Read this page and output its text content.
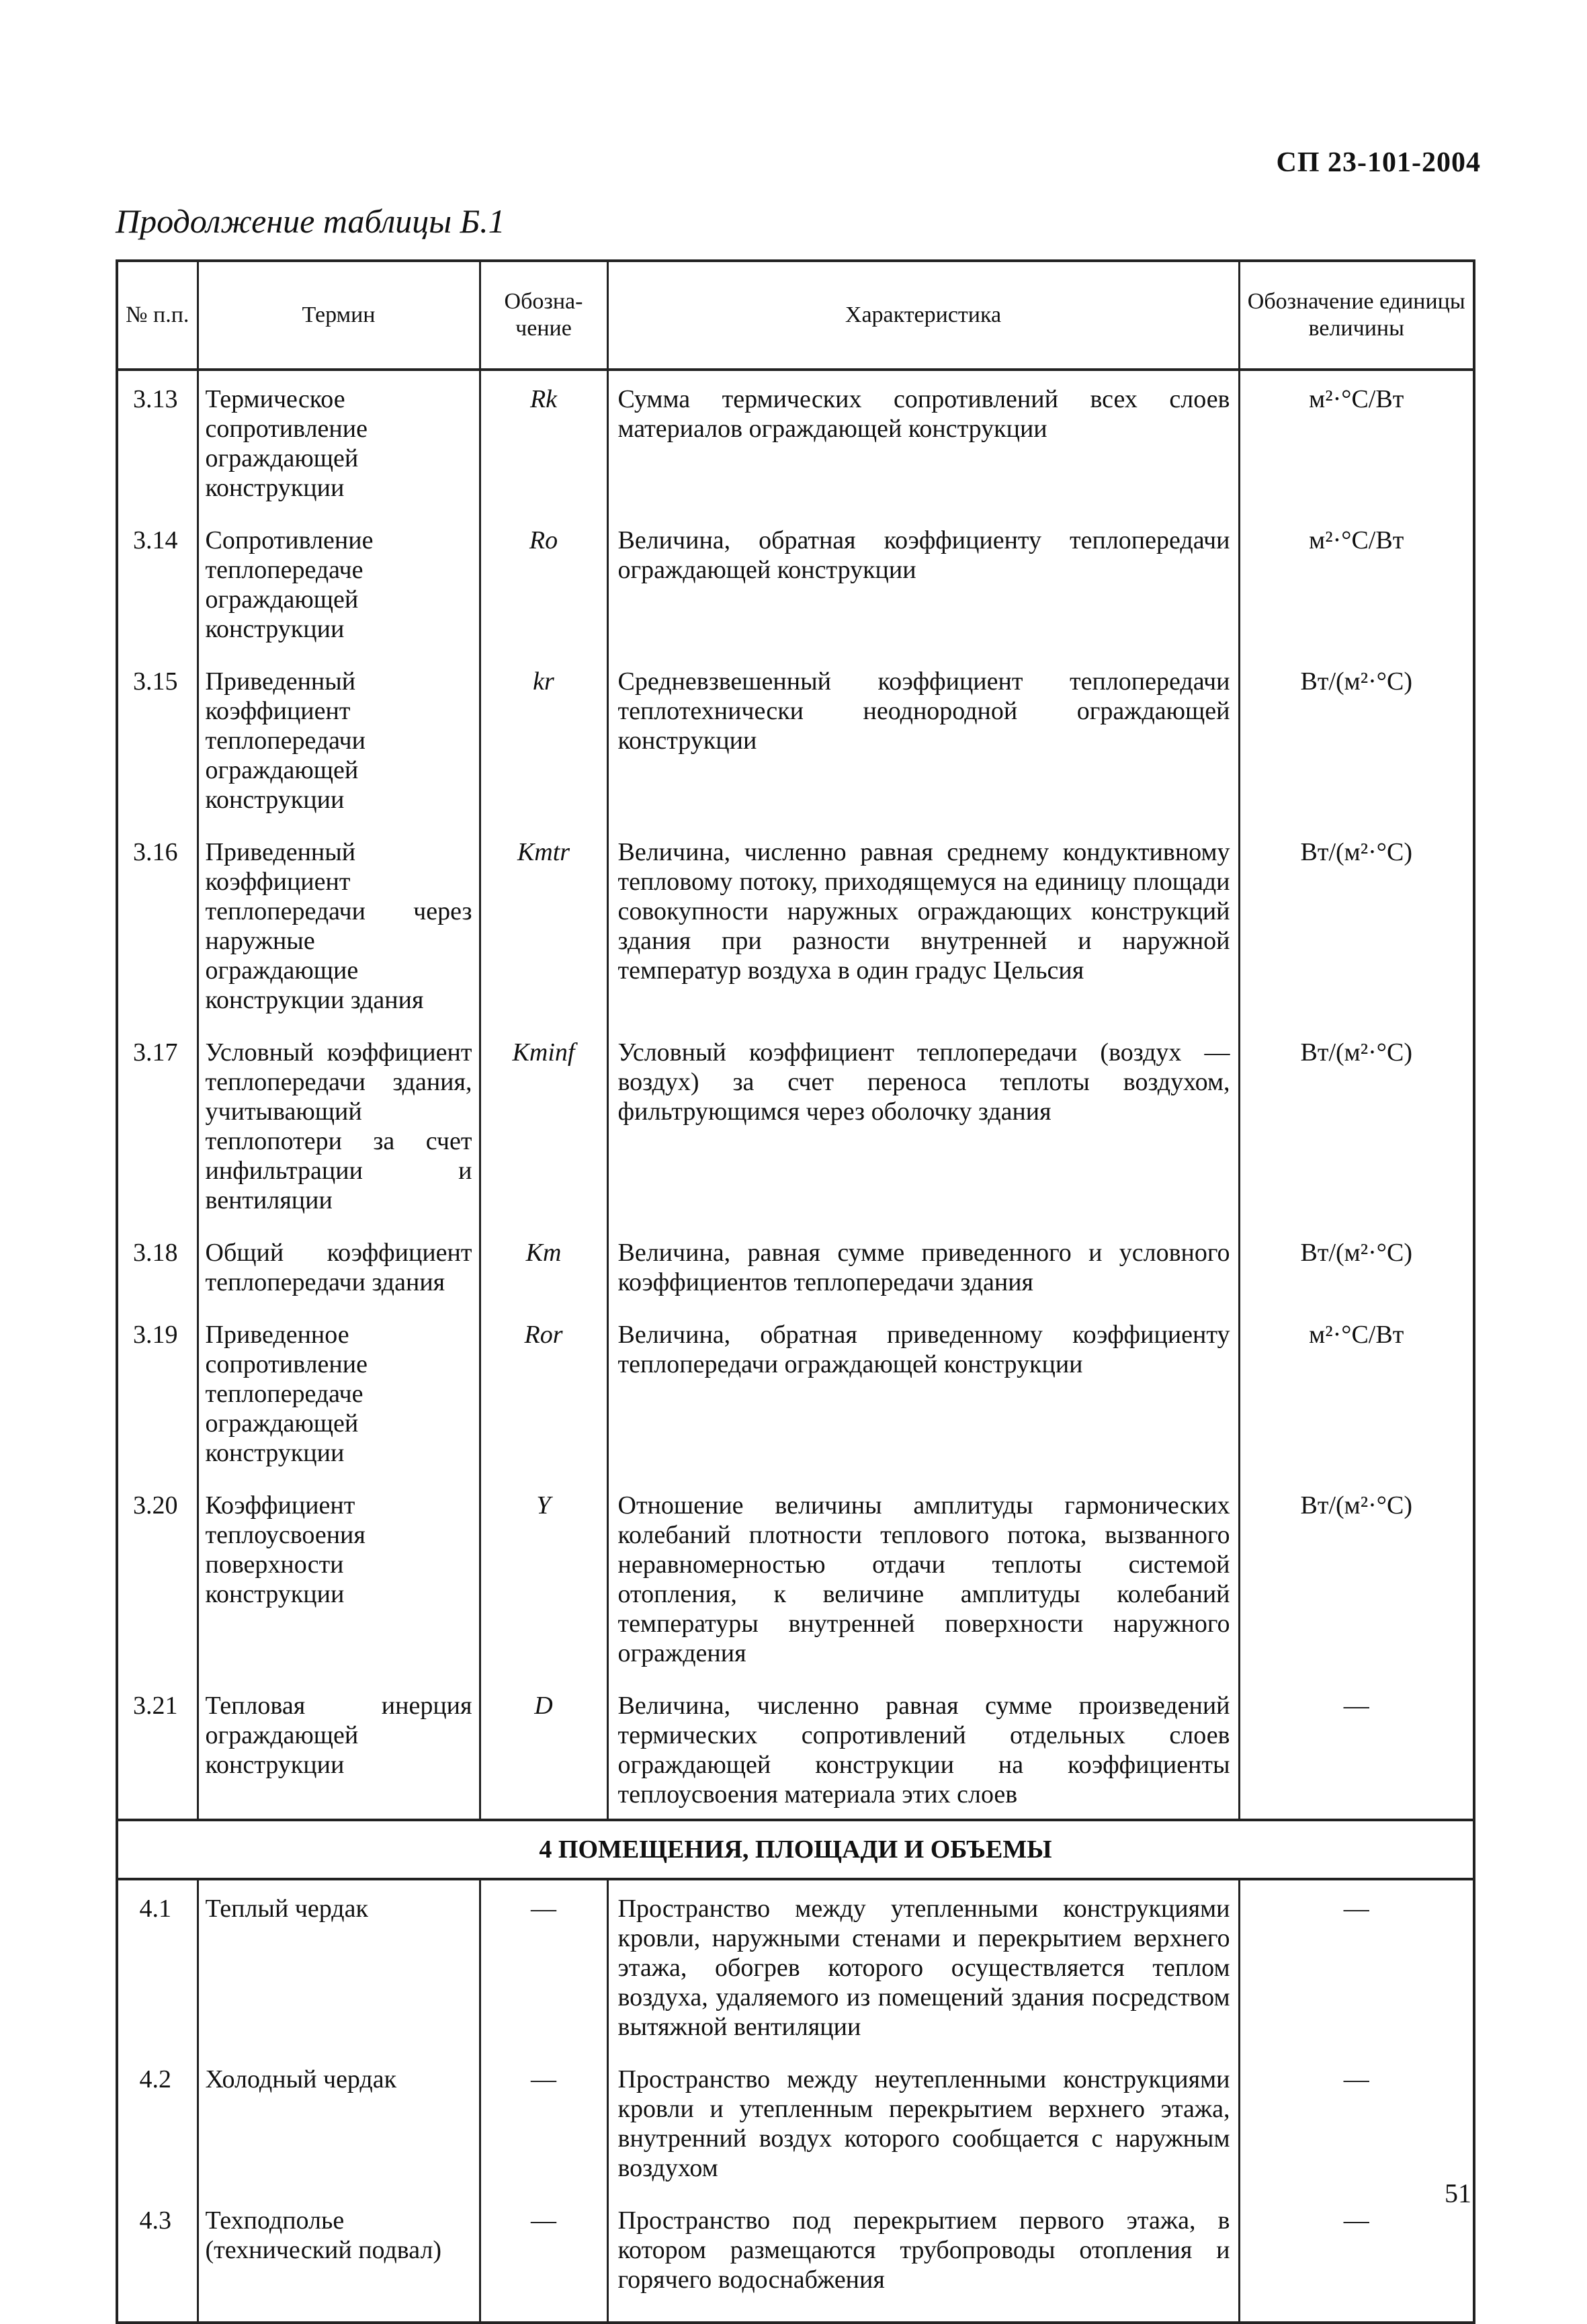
СП 23-101-2004
Продолжение таблицы Б.1
№ п.п.	Термин	Обозна-чение	Характеристика	Обозначение единицы величины
3.13	Термическое сопротивление ограждающей конструкции	Rk	Сумма термических сопротивлений всех слоев материалов ограждающей конструкции	м²·°С/Вт
3.14	Сопротивление теплопередаче ограждающей конструкции	Ro	Величина, обратная коэффициенту теплопередачи ограждающей конструкции	м²·°С/Вт
3.15	Приведенный коэффициент теплопередачи ограждающей конструкции	kr	Средневзвешенный коэффициент теплопередачи теплотехнически неоднородной ограждающей конструкции	Вт/(м²·°С)
3.16	Приведенный коэффициент теплопередачи через наружные ограждающие конструкции здания	Kmtr	Величина, численно равная среднему кондуктивному тепловому потоку, приходящемуся на единицу площади совокупности наружных ограждающих конструкций здания при разности внутренней и наружной температур воздуха в один градус Цельсия	Вт/(м²·°С)
3.17	Условный коэффициент теплопередачи здания, учитывающий теплопотери за счет инфильтрации и вентиляции	Kminf	Условный коэффициент теплопередачи (воздух — воздух) за счет переноса теплоты воздухом, фильтрующимся через оболочку здания	Вт/(м²·°С)
3.18	Общий коэффициент теплопередачи здания	Km	Величина, равная сумме приведенного и условного коэффициентов теплопередачи здания	Вт/(м²·°С)
3.19	Приведенное сопротивление теплопередаче ограждающей конструкции	Ror	Величина, обратная приведенному коэффициенту теплопередачи ограждающей конструкции	м²·°С/Вт
3.20	Коэффициент теплоусвоения поверхности конструкции	Y	Отношение величины амплитуды гармонических колебаний плотности теплового потока, вызванного неравномерностью отдачи теплоты системой отопления, к величине амплитуды колебаний температуры внутренней поверхности наружного ограждения	Вт/(м²·°С)
3.21	Тепловая инерция ограждающей конструкции	D	Величина, численно равная сумме произведений термических сопротивлений отдельных слоев ограждающей конструкции на коэффициенты теплоусвоения материала этих слоев	—
4 ПОМЕЩЕНИЯ, ПЛОЩАДИ И ОБЪЕМЫ				
4.1	Теплый чердак	—	Пространство между утепленными конструкциями кровли, наружными стенами и перекрытием верхнего этажа, обогрев которого осуществляется теплом воздуха, удаляемого из помещений здания посредством вытяжной вентиляции	—
4.2	Холодный чердак	—	Пространство между неутепленными конструкциями кровли и утепленным перекрытием верхнего этажа, внутренний воздух которого сообщается с наружным воздухом	—
4.3	Техподполье (технический подвал)	—	Пространство под перекрытием первого этажа, в котором размещаются трубопроводы отопления и горячего водоснабжения	—
51
